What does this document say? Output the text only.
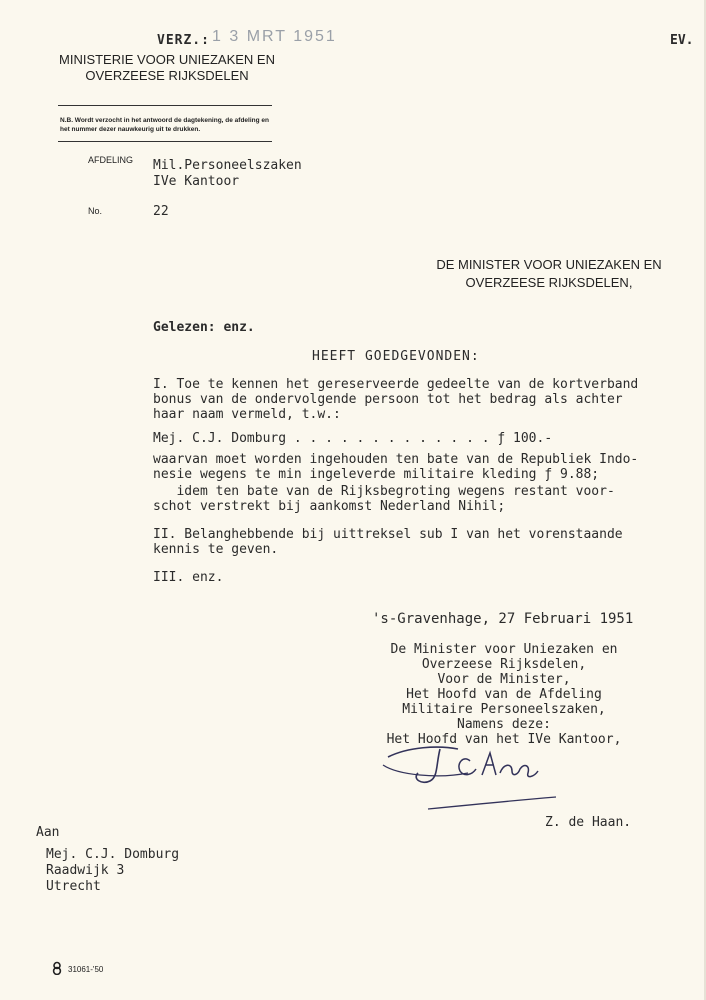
VERZ.: 1 3 MRT 1951	EV.
MINISTERIE VOOR UNIEZAKEN EN
OVERZEESE RIJKSDELEN
N.B. Wordt verzocht in het antwoord de dagtekening, de afdeling en het nummer dezer nauwkeurig uit te drukken.
AFDELING Mil.Personeelszaken
IVe Kantoor
No.	22
DE MINISTER VOOR UNIEZAKEN EN
OVERZEESE RIJKSDELEN,
Gelezen: enz.
HEEFT GOEDGEVONDEN:
I. Toe te kennen het gereserveerde gedeelte van de kortverband
bonus van de ondervolgende persoon tot het bedrag als achter
haar naam vermeld, t.w.:
Mej. C.J. Domburg . . . . . . . . . . . . . ƒ 100.-
waarvan moet worden ingehouden ten bate van de Republiek Indo-
nesie wegens te min ingeleverde militaire kleding ƒ 9.88;
idem ten bate van de Rijksbegroting wegens restant voor-
schot verstrekt bij aankomst Nederland Nihil;
II. Belanghebbende bij uittreksel sub I van het vorenstaande
kennis te geven.
III. enz.
's-Gravenhage, 27 Februari 1951
De Minister voor Uniezaken en
Overzeese Rijksdelen,
Voor de Minister,
Het Hoofd van de Afdeling
Militaire Personeelszaken,
Namens deze:
Het Hoofd van het IVe Kantoor,
Z. de Haan.
Aan
Mej. C.J. Domburg
Raadwijk 3
Utrecht
31061-'50
